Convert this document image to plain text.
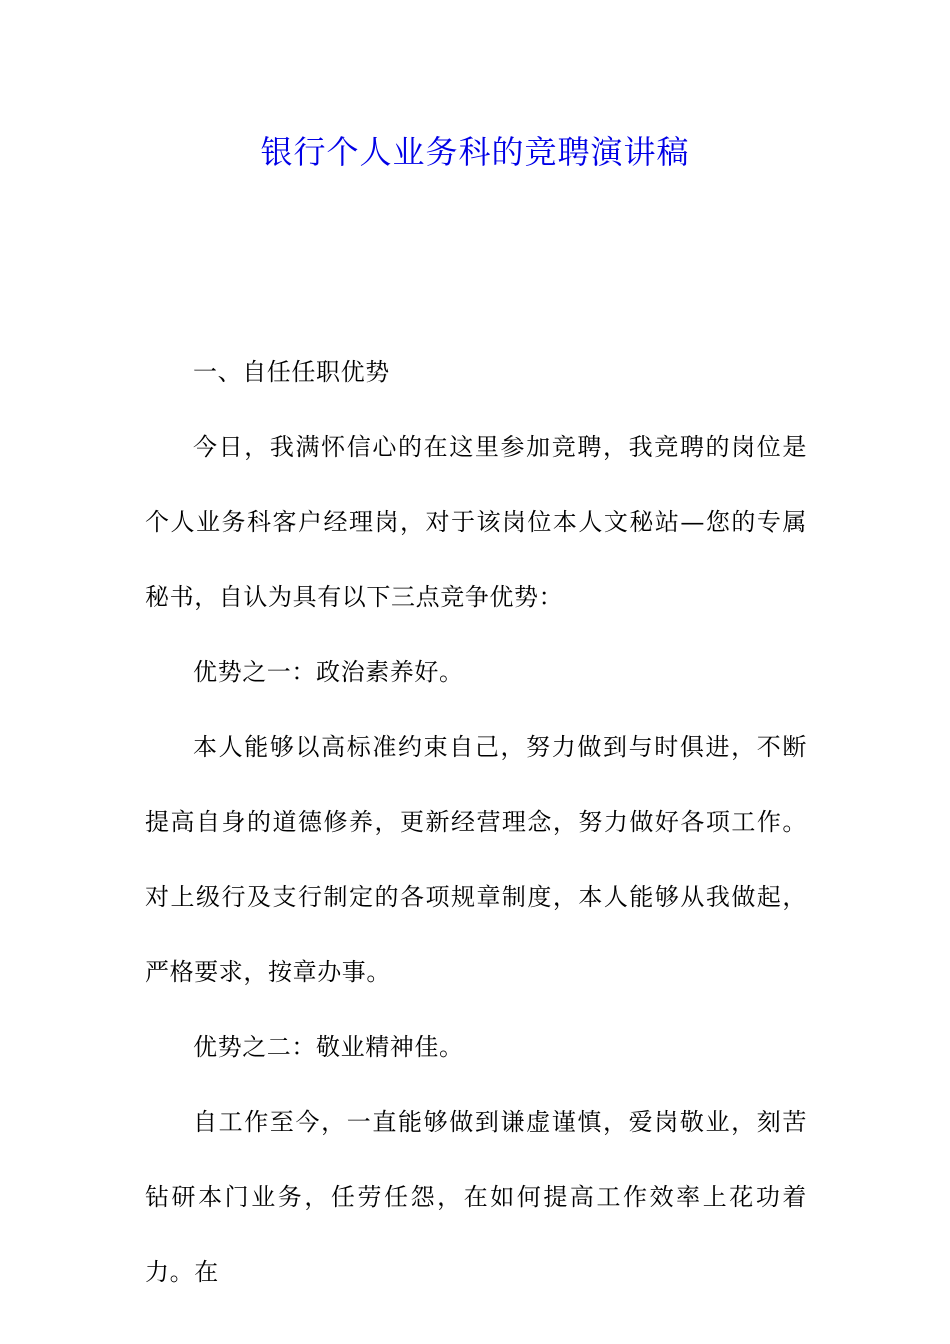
银行个人业务科的竞聘演讲稿

一、自任任职优势

今日，我满怀信心的在这里参加竞聘，我竞聘的岗位是个人业务科客户经理岗，对于该岗位本人文秘站—您的专属秘书，自认为具有以下三点竞争优势：

优势之一：政治素养好。

本人能够以高标准约束自己，努力做到与时俱进，不断提高自身的道德修养，更新经营理念，努力做好各项工作。对上级行及支行制定的各项规章制度，本人能够从我做起，严格要求，按章办事。

优势之二：敬业精神佳。

自工作至今，一直能够做到谦虚谨慎，爱岗敬业，刻苦钻研本门业务，任劳任怨，在如何提高工作效率上花功着力。在
